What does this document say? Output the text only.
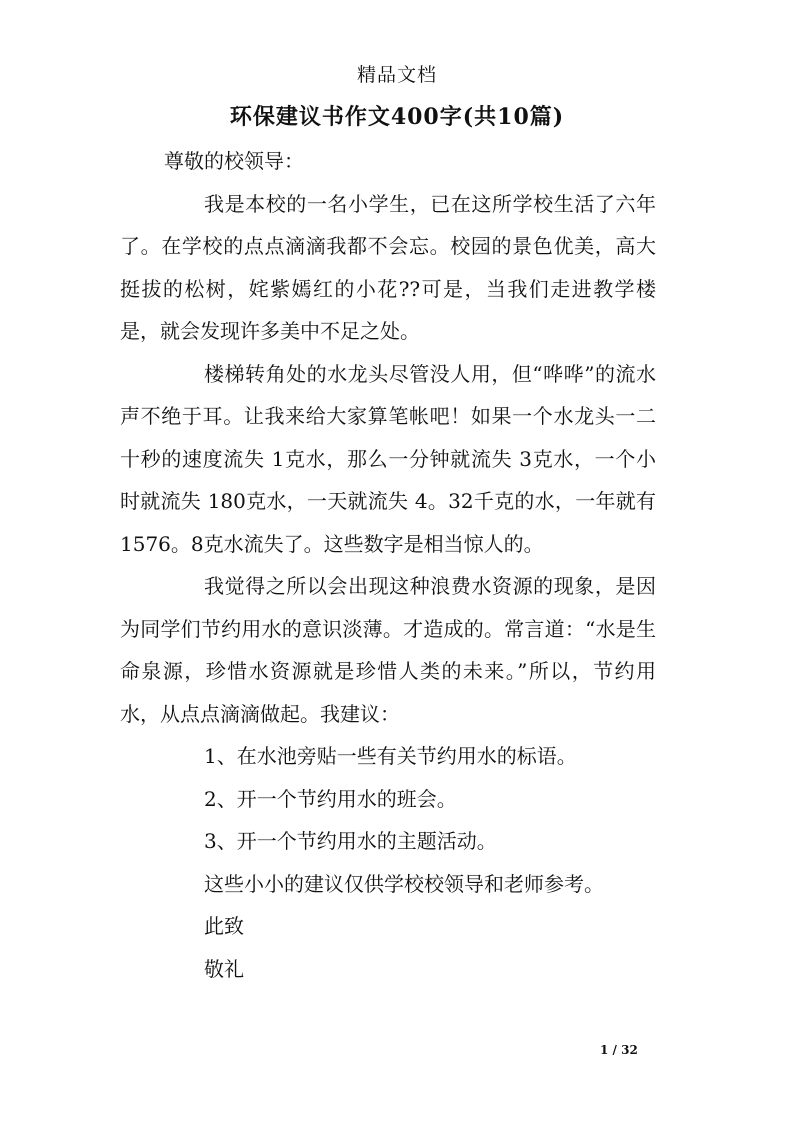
精品文档
环保建议书作文400字(共10篇)

尊敬的校领导：

我是本校的一名小学生，已在这所学校生活了六年了。在学校的点点滴滴我都不会忘。校园的景色优美，高大挺拔的松树，姹紫嫣红的小花??可是，当我们走进教学楼是，就会发现许多美中不足之处。

楼梯转角处的水龙头尽管没人用，但“哗哗”的流水声不绝于耳。让我来给大家算笔帐吧！如果一个水龙头一二十秒的速度流失 1克水，那么一分钟就流失 3克水，一个小时就流失 180克水，一天就流失 4。32千克的水，一年就有 1576。8克水流失了。这些数字是相当惊人的。

我觉得之所以会出现这种浪费水资源的现象，是因为同学们节约用水的意识淡薄。才造成的。常言道：“水是生命泉源，珍惜水资源就是珍惜人类的未来。”所以，节约用水，从点点滴滴做起。我建议：

1、在水池旁贴一些有关节约用水的标语。

2、开一个节约用水的班会。

3、开一个节约用水的主题活动。

这些小小的建议仅供学校校领导和老师参考。

此致

敬礼

1 / 32
